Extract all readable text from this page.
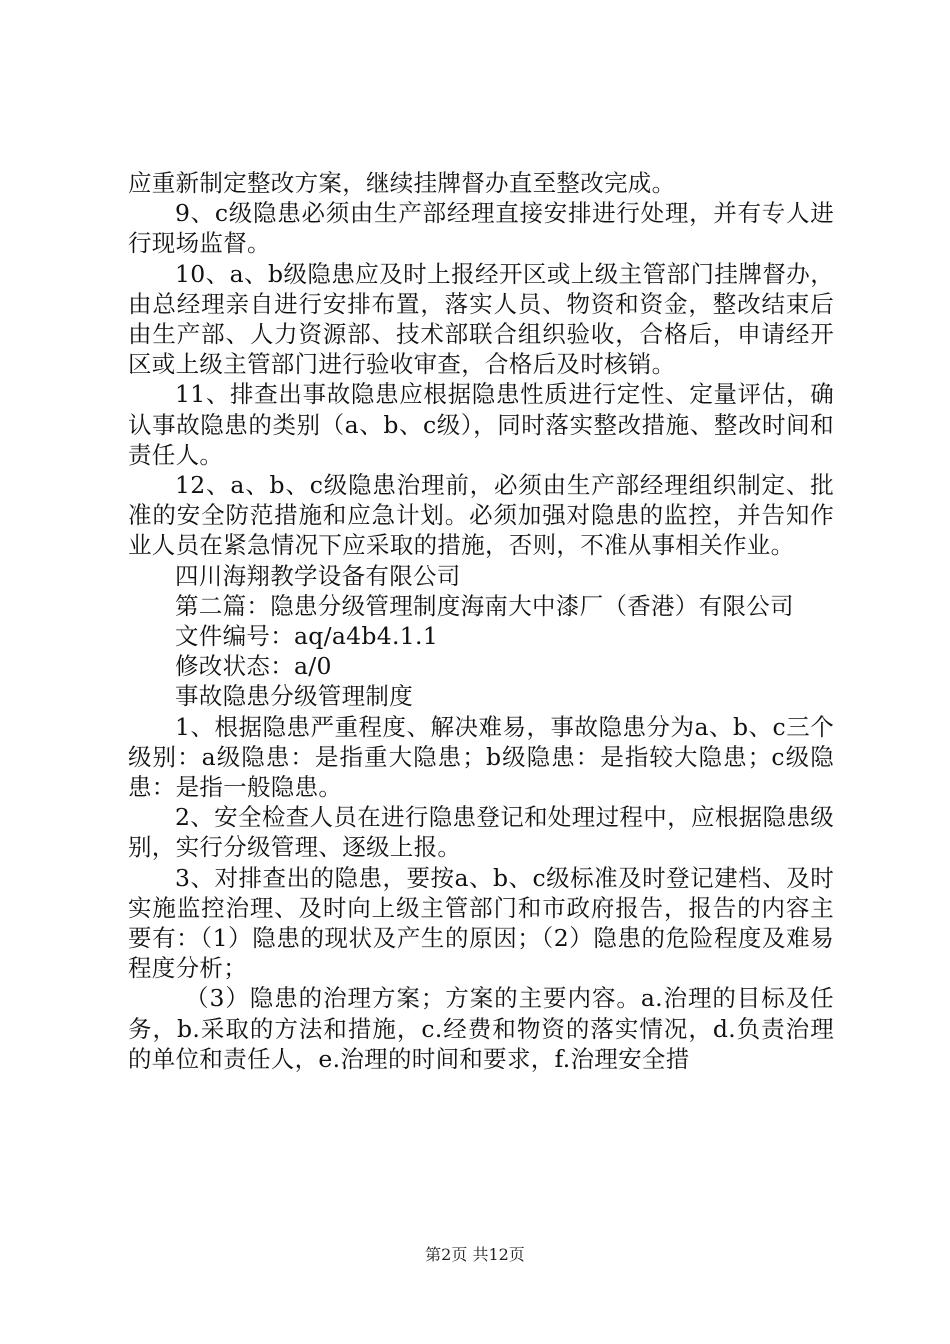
应重新制定整改方案，继续挂牌督办直至整改完成。

9、c级隐患必须由生产部经理直接安排进行处理，并有专人进行现场监督。

10、a、b级隐患应及时上报经开区或上级主管部门挂牌督办，由总经理亲自进行安排布置，落实人员、物资和资金，整改结束后由生产部、人力资源部、技术部联合组织验收，合格后，申请经开区或上级主管部门进行验收审查，合格后及时核销。

11、排查出事故隐患应根据隐患性质进行定性、定量评估，确认事故隐患的类别（a、b、c级），同时落实整改措施、整改时间和责任人。

12、a、b、c级隐患治理前，必须由生产部经理组织制定、批准的安全防范措施和应急计划。必须加强对隐患的监控，并告知作业人员在紧急情况下应采取的措施，否则，不准从事相关作业。

四川海翔教学设备有限公司

第二篇：隐患分级管理制度海南大中漆厂（香港）有限公司

文件编号：aq/a4b4.1.1

修改状态：a/0

事故隐患分级管理制度

1、根据隐患严重程度、解决难易，事故隐患分为a、b、c三个级别：a级隐患：是指重大隐患；b级隐患：是指较大隐患；c级隐患：是指一般隐患。

2、安全检查人员在进行隐患登记和处理过程中，应根据隐患级别，实行分级管理、逐级上报。

3、对排查出的隐患，要按a、b、c级标准及时登记建档、及时实施监控治理、及时向上级主管部门和市政府报告，报告的内容主要有：（1）隐患的现状及产生的原因；（2）隐患的危险程度及难易程度分析；

（3）隐患的治理方案；方案的主要内容。a.治理的目标及任务，b.采取的方法和措施，c.经费和物资的落实情况，d.负责治理的单位和责任人，e.治理的时间和要求，f.治理安全措

第2页 共12页
